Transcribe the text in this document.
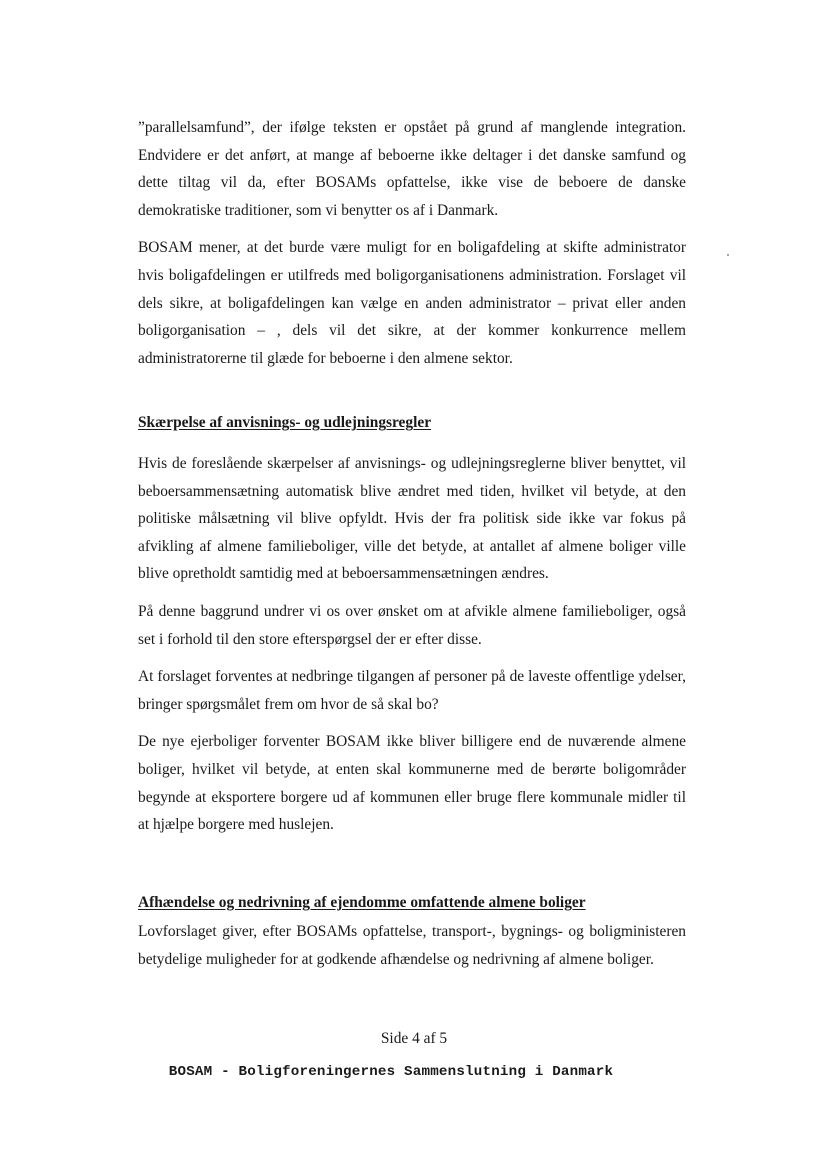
”parallelsamfund”, der ifølge teksten er opstået på grund af manglende integration. Endvidere er det anført, at mange af beboerne ikke deltager i det danske samfund og dette tiltag vil da, efter BOSAMs opfattelse, ikke vise de beboere de danske demokratiske traditioner, som vi benytter os af i Danmark.

BOSAM mener, at det burde være muligt for en boligafdeling at skifte administrator hvis boligafdelingen er utilfreds med boligorganisationens administration. Forslaget vil dels sikre, at boligafdelingen kan vælge en anden administrator – privat eller anden boligorganisation – , dels vil det sikre, at der kommer konkurrence mellem administratorerne til glæde for beboerne i den almene sektor.

Skærpelse af anvisnings- og udlejningsregler

Hvis de foreslående skærpelser af anvisnings- og udlejningsreglerne bliver benyttet, vil beboersammensætning automatisk blive ændret med tiden, hvilket vil betyde, at den politiske målsætning vil blive opfyldt. Hvis der fra politisk side ikke var fokus på afvikling af almene familieboliger, ville det betyde, at antallet af almene boliger ville blive opretholdt samtidig med at beboersammensætningen ændres.

På denne baggrund undrer vi os over ønsket om at afvikle almene familieboliger, også set i forhold til den store efterspørgsel der er efter disse.

At forslaget forventes at nedbringe tilgangen af personer på de laveste offentlige ydelser, bringer spørgsmålet frem om hvor de så skal bo?

De nye ejerboliger forventer BOSAM ikke bliver billigere end de nuværende almene boliger, hvilket vil betyde, at enten skal kommunerne med de berørte boligområder begynde at eksportere borgere ud af kommunen eller bruge flere kommunale midler til at hjælpe borgere med huslejen.

Afhændelse og nedrivning af ejendomme omfattende almene boliger

Lovforslaget giver, efter BOSAMs opfattelse, transport-, bygnings- og boligministeren betydelige muligheder for at godkende afhændelse og nedrivning af almene boliger.

Side 4 af 5
BOSAM - Boligforeningernes Sammenslutning i Danmark
